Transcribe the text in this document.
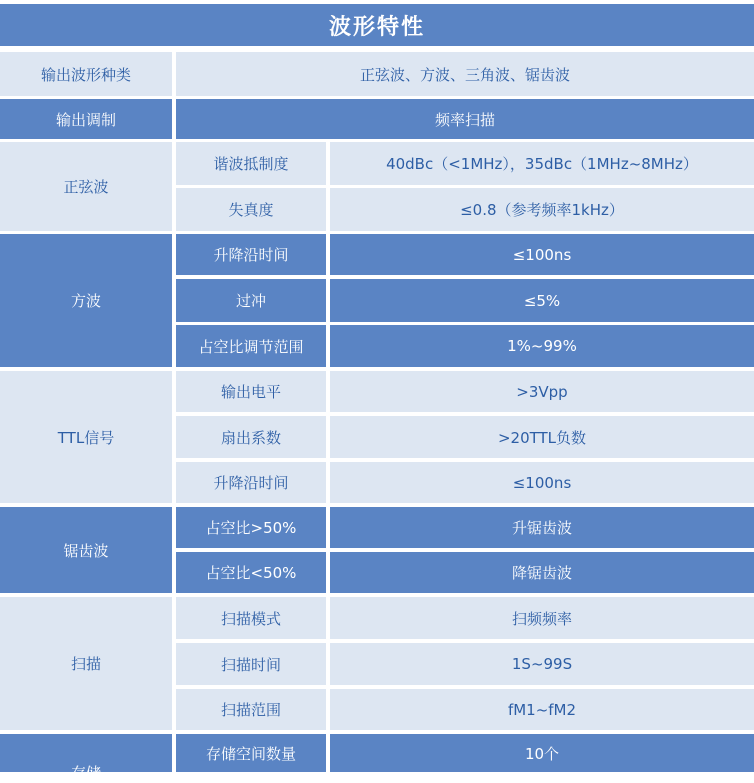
波形特性
输出波形种类	正弦波、方波、三角波、锯齿波
输出调制	频率扫描
正弦波
谐波抵制度	40dBc（<1MHz），35dBc（1MHz~8MHz）
失真度	≤0.8（参考频率1kHz）
方波
升降沿时间	≤100ns
过冲	≤5%
占空比调节范围	1%~99%
TTL信号
输出电平	>3Vpp
扇出系数	>20TTL负数
升降沿时间	≤100ns
锯齿波
占空比>50%	升锯齿波
占空比<50%	降锯齿波
扫描
扫描模式	扫频频率
扫描时间	1S~99S
扫描范围	fM1~fM2
存储
存储空间数量	10个
